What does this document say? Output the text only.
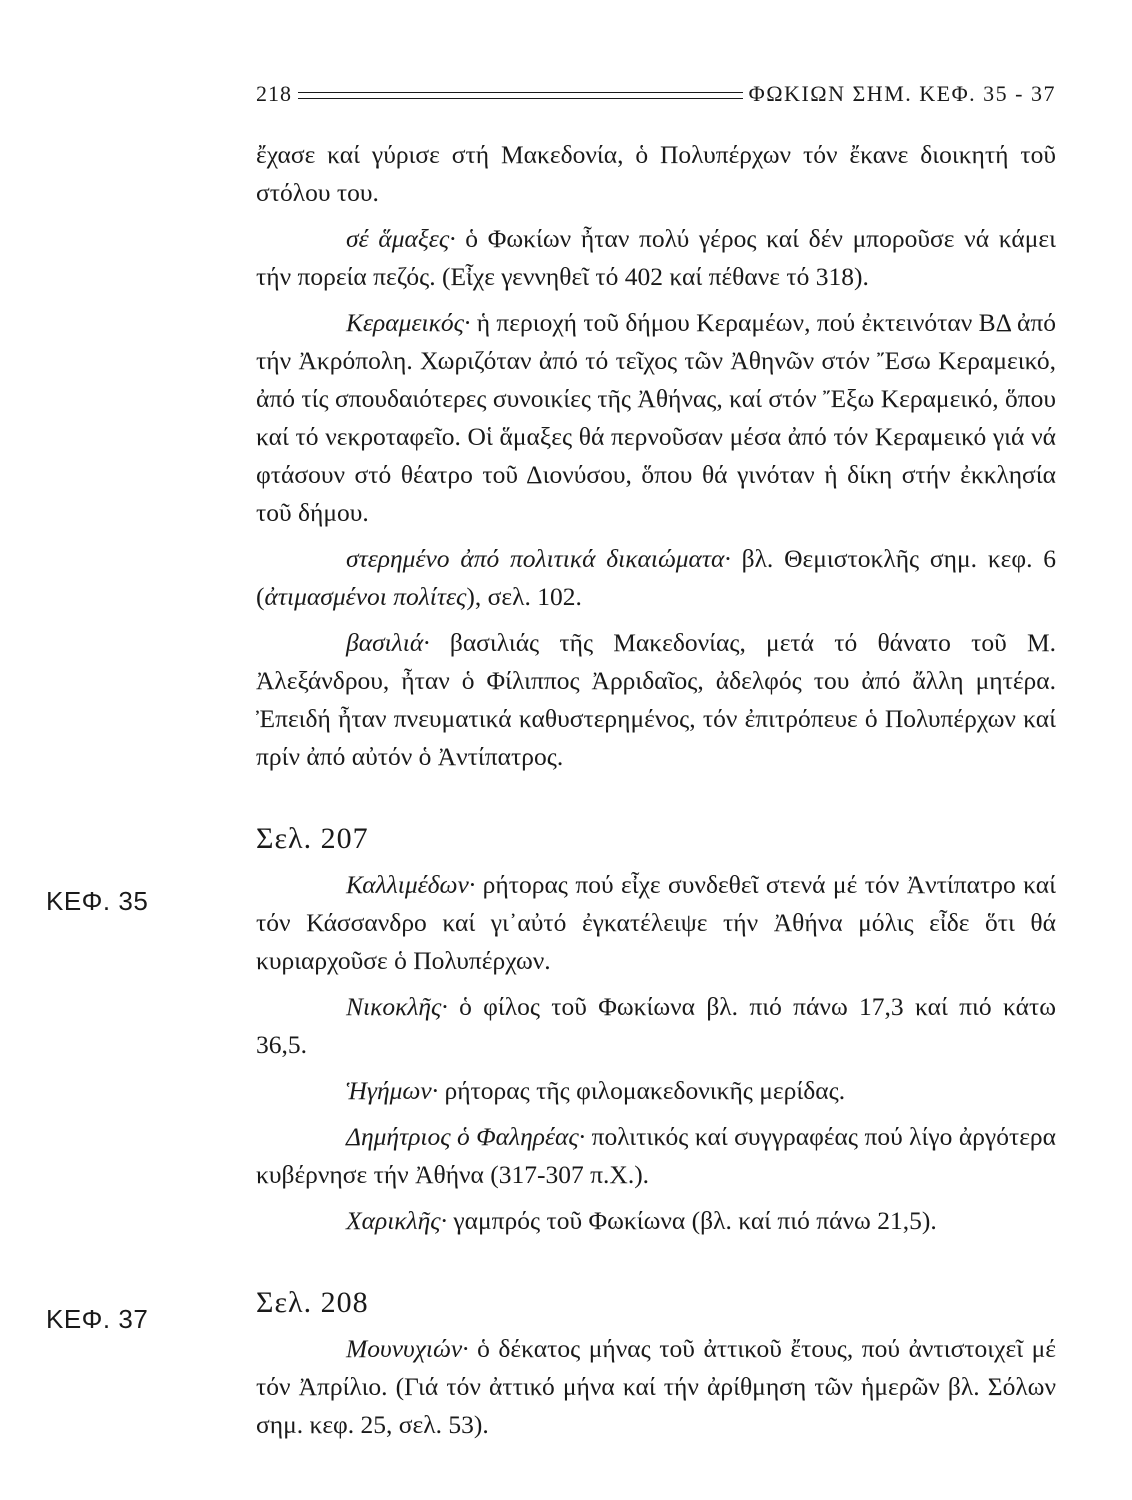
218	ΦΩΚΙΩΝ ΣΗΜ. ΚΕΦ. 35 - 37
ΚΕΦ. 35
ΚΕΦ. 37

ἔχασε καί γύρισε στή Μακεδονία, ὁ Πολυπέρχων τόν ἔκανε διοικητή τοῦ στόλου του.

σέ ἅμαξες· ὁ Φωκίων ἦταν πολύ γέρος καί δέν μποροῦσε νά κάμει τήν πορεία πεζός. (Εἶχε γεννηθεῖ τό 402 καί πέθανε τό 318).

Κεραμεικός· ἡ περιοχή τοῦ δήμου Κεραμέων, πού ἐκτεινόταν ΒΔ ἀπό τήν Ἀκρόπολη. Χωριζόταν ἀπό τό τεῖχος τῶν Ἀθηνῶν στόν Ἔσω Κεραμεικό, ἀπό τίς σπουδαιότερες συνοικίες τῆς Ἀθήνας, καί στόν Ἔξω Κεραμεικό, ὅπου καί τό νεκροταφεῖο. Οἱ ἅμαξες θά περνοῦσαν μέσα ἀπό τόν Κεραμεικό γιά νά φτάσουν στό θέατρο τοῦ Διονύσου, ὅπου θά γινόταν ἡ δίκη στήν ἐκκλησία τοῦ δήμου.

στερημένο ἀπό πολιτικά δικαιώματα· βλ. Θεμιστοκλῆς σημ. κεφ. 6 (ἀτιμασμένοι πολίτες), σελ. 102.

βασιλιά· βασιλιάς τῆς Μακεδονίας, μετά τό θάνατο τοῦ Μ. Ἀλεξάνδρου, ἦταν ὁ Φίλιππος Ἀρριδαῖος, ἀδελφός του ἀπό ἄλλη μητέρα. Ἐπειδή ἦταν πνευματικά καθυστερημένος, τόν ἐπιτρόπευε ὁ Πολυπέρχων καί πρίν ἀπό αὐτόν ὁ Ἀντίπατρος.

Σελ. 207

Καλλιμέδων· ρήτορας πού εἶχε συνδεθεῖ στενά μέ τόν Ἀντίπατρο καί τόν Κάσσανδρο καί γι᾿αὐτό ἐγκατέλειψε τήν Ἀθήνα μόλις εἶδε ὅτι θά κυριαρχοῦσε ὁ Πολυπέρχων.

Νικοκλῆς· ὁ φίλος τοῦ Φωκίωνα βλ. πιό πάνω 17,3 καί πιό κάτω 36,5.

Ἡγήμων· ρήτορας τῆς φιλομακεδονικῆς μερίδας.

Δημήτριος ὁ Φαληρέας· πολιτικός καί συγγραφέας πού λίγο ἀργότερα κυβέρνησε τήν Ἀθήνα (317-307 π.Χ.).

Χαρικλῆς· γαμπρός τοῦ Φωκίωνα (βλ. καί πιό πάνω 21,5).

Σελ. 208

Μουνυχιών· ὁ δέκατος μήνας τοῦ ἀττικοῦ ἔτους, πού ἀντιστοιχεῖ μέ τόν Ἀπρίλιο. (Γιά τόν ἀττικό μήνα καί τήν ἀρίθμηση τῶν ἡμερῶν βλ. Σόλων σημ. κεφ. 25, σελ. 53).
